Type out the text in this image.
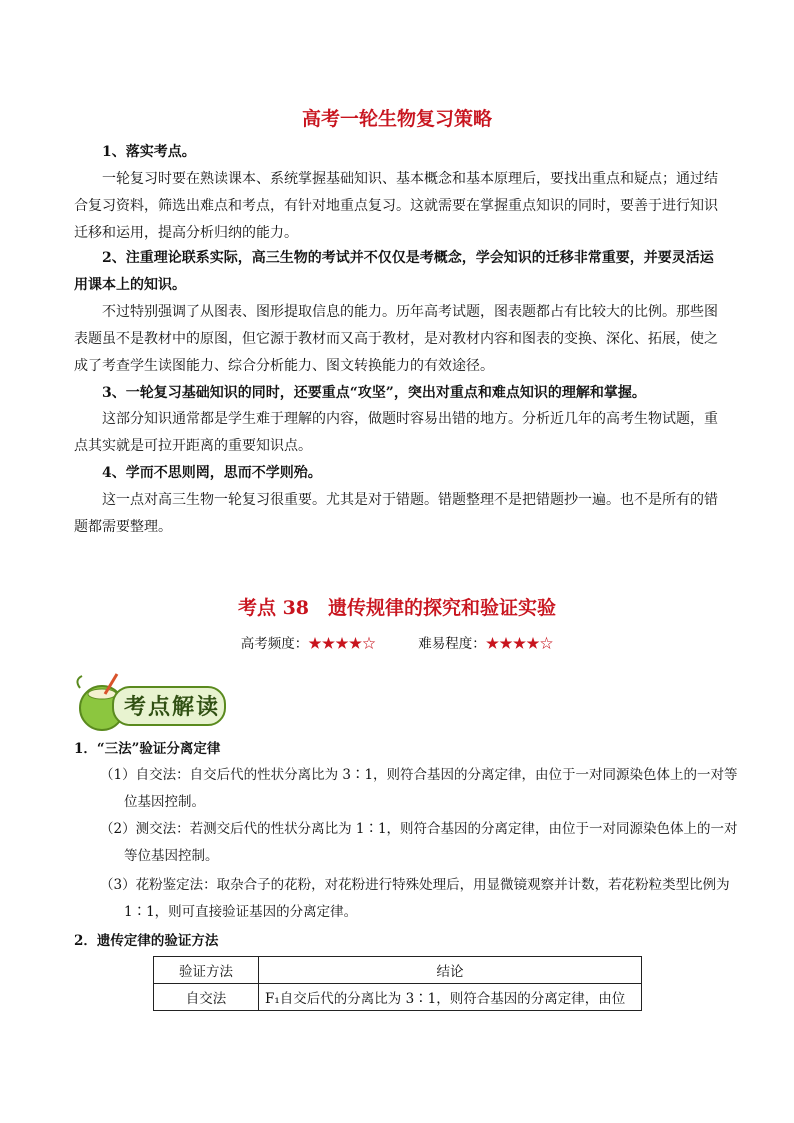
高考一轮生物复习策略
1、落实考点。
一轮复习时要在熟读课本、系统掌握基础知识、基本概念和基本原理后，要找出重点和疑点；通过结合复习资料，筛选出难点和考点，有针对地重点复习。这就需要在掌握重点知识的同时，要善于进行知识迁移和运用，提高分析归纳的能力。
2、注重理论联系实际，高三生物的考试并不仅仅是考概念，学会知识的迁移非常重要，并要灵活运用课本上的知识。
不过特别强调了从图表、图形提取信息的能力。历年高考试题，图表题都占有比较大的比例。那些图表题虽不是教材中的原图，但它源于教材而又高于教材，是对教材内容和图表的变换、深化、拓展，使之成了考查学生读图能力、综合分析能力、图文转换能力的有效途径。
3、一轮复习基础知识的同时，还要重点“攻坚”，突出对重点和难点知识的理解和掌握。
这部分知识通常都是学生难于理解的内容，做题时容易出错的地方。分析近几年的高考生物试题，重点其实就是可拉开距离的重要知识点。
4、学而不思则罔，思而不学则殆。
这一点对高三生物一轮复习很重要。尤其是对于错题。错题整理不是把错题抄一遍。也不是所有的错题都需要整理。
考点 38　遗传规律的探究和验证实验
高考频度：★★★★☆	难易程度：★★★★☆
考点解读
1．“三法”验证分离定律
（1）自交法：自交后代的性状分离比为 3∶1，则符合基因的分离定律，由位于一对同源染色体上的一对等位基因控制。
（2）测交法：若测交后代的性状分离比为 1∶1，则符合基因的分离定律，由位于一对同源染色体上的一对等位基因控制。
（3）花粉鉴定法：取杂合子的花粉，对花粉进行特殊处理后，用显微镜观察并计数，若花粉粒类型比例为 1∶1，则可直接验证基因的分离定律。
2．遗传定律的验证方法
验证方法	结论
自交法	F₁自交后代的分离比为 3∶1，则符合基因的分离定律，由位
